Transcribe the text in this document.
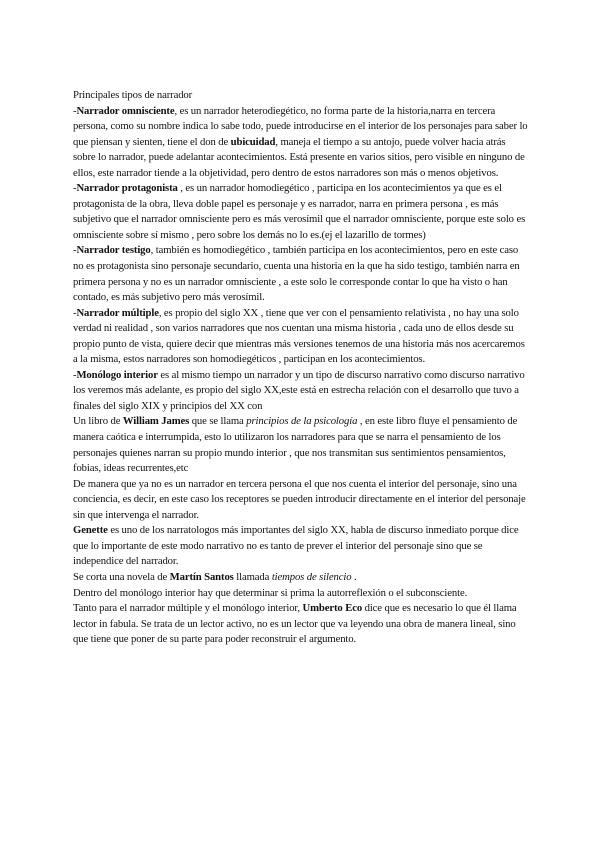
Principales tipos de narrador

-Narrador omnisciente, es un narrador heterodiegético, no forma parte de la historia,narra en tercera persona, como su nombre indica lo sabe todo, puede introducirse en el interior de los personajes para saber lo que piensan y sienten, tiene el don de ubicuidad, maneja el tiempo a su antojo, puede volver hacia atrás sobre lo narrador, puede adelantar acontecimientos. Está presente en varios sitios, pero visible en ninguno de ellos, este narrador tiende a la objetividad, pero dentro de estos narradores son más o menos objetivos.

-Narrador protagonista , es un narrador homodiegético , participa en los acontecimientos ya que es el protagonista de la obra, lleva doble papel es personaje y es narrador, narra en primera persona , es más subjetivo que el narrador omnisciente pero es más verosímil que el narrador omnisciente, porque este solo es omnisciente sobre sí mismo , pero sobre los demás no lo es.(ej el lazarillo de tormes)

-Narrador testigo, también es homodiegético , también participa en los acontecimientos, pero en este caso no es protagonista sino personaje secundario, cuenta una historia en la que ha sido testigo, también narra en primera persona y no es un narrador omnisciente , a este solo le corresponde contar lo que ha visto o han contado, es más subjetivo pero más verosímil.

-Narrador múltiple, es propio del siglo XX , tiene que ver con el pensamiento relativista , no hay una solo verdad ni realidad , son varios narradores que nos cuentan una misma historia , cada uno de ellos desde su propio punto de vista, quiere decir que mientras más versiones tenemos de una historia más nos acercaremos a la misma, estos narradores son homodiegéticos , participan en los acontecimientos.

-Monólogo interior es al mismo tiempo un narrador y un tipo de discurso narrativo como discurso narrativo los veremos más adelante, es propio del siglo XX,este está en estrecha relación con el desarrollo que tuvo a finales del siglo XIX y principios del XX con

Un libro de William James que se llama principios de la psicología , en este libro fluye el pensamiento de manera caótica e interrumpida, esto lo utilizaron los narradores para que se narra el pensamiento de los personajes quienes narran su propio mundo interior , que nos transmitan sus sentimientos pensamientos, fobias, ideas recurrentes,etc

De manera que ya no es un narrador en tercera persona el que nos cuenta el interior del personaje, sino una conciencia, es decir, en este caso los receptores se pueden introducir directamente en el interior del personaje sin que intervenga el narrador.

Genette es uno de los narratologos más importantes del siglo XX, habla de discurso inmediato porque dice que lo importante de este modo narrativo no es tanto de prever el interior del personaje sino que se independice del narrador.

Se corta una novela de Martín Santos llamada tiempos de silencio .

Dentro del monólogo interior hay que determinar si prima la autorreflexión o el subconsciente.

Tanto para el narrador múltiple y el monólogo interior, Umberto Eco dice que es necesario lo que él llama lector in fabula. Se trata de un lector activo, no es un lector que va leyendo una obra de manera lineal, sino que tiene que poner de su parte para poder reconstruir el argumento.
